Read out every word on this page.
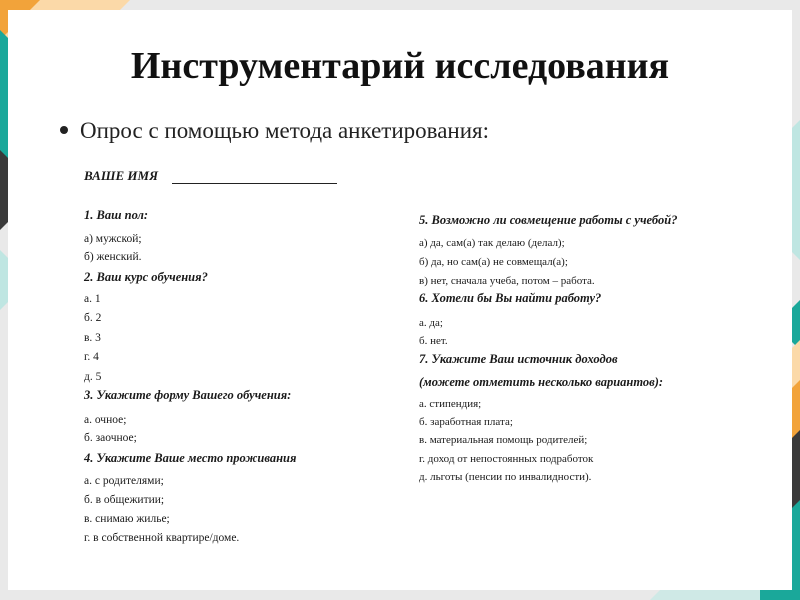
Инструментарий исследования
Опрос с помощью метода анкетирования:
ВАШЕ ИМЯ
1. Ваш пол:
а) мужской;
б) женский.
2. Ваш курс обучения?
а. 1
б. 2
в. 3
г. 4
д. 5
3. Укажите форму Вашего обучения:
а. очное;
б. заочное;
4. Укажите Ваше место проживания
а. с родителями;
б. в общежитии;
в. снимаю жилье;
г. в собственной квартире/доме.
5. Возможно ли совмещение работы с учебой?
а) да, сам(а) так делаю (делал);
б) да, но сам(а) не совмещал(а);
в) нет, сначала учеба, потом – работа.
6. Хотели бы Вы найти работу?
а. да;
б. нет.
7. Укажите Ваш источник доходов
(можете отметить несколько вариантов):
а. стипендия;
б. заработная плата;
в. материальная помощь родителей;
г. доход от непостоянных подработок
д. льготы (пенсии по инвалидности).
